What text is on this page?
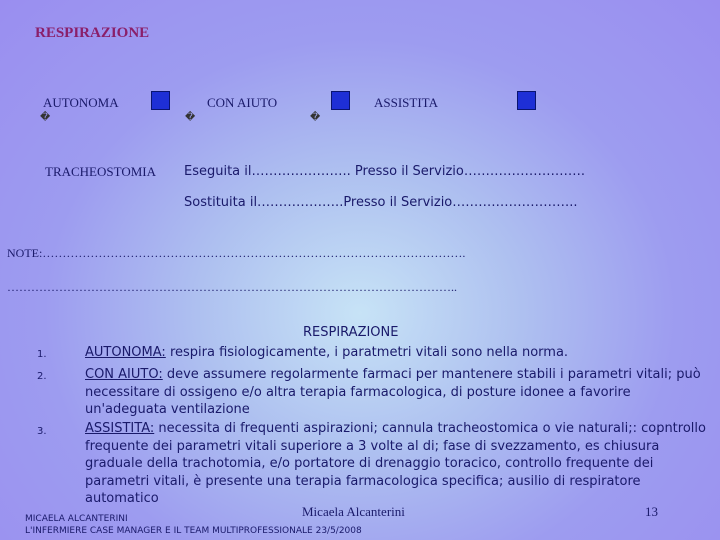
RESPIRAZIONE
AUTONOMA
�
CON AIUTO
�
ASSISTITA
�
TRACHEOSTOMIA Eseguita il………………….. Presso il Servizio……………………….
Sostituita il………………..Presso il Servizio………………………..
NOTE:…………………………………………………………………………………………….
…………………………………………………………………………………………………..
RESPIRAZIONE
1.	AUTONOMA: respira fisiologicamente, i paratmetri vitali sono nella norma.
2.	CON AIUTO: deve assumere regolarmente farmaci per mantenere stabili i parametri vitali; può necessitare di ossigeno e/o altra terapia farmacologica, di posture idonee a favorire un'adeguata ventilazione
3.	ASSISTITA: necessita di frequenti aspirazioni; cannula tracheostomica o vie naturali;: copntrollo frequente dei parametri vitali superiore a 3 volte al di; fase di svezzamento, es chiusura graduale della trachotomia, e/o portatore di drenaggio toracico, controllo frequente dei parametri vitali, è presente una terapia farmacologica specifica; ausilio di respiratore automatico
Micaela Alcanterini	13
MICAELA ALCANTERINI
L'INFERMIERE CASE MANAGER E IL TEAM MULTIPROFESSIONALE 23/5/2008
